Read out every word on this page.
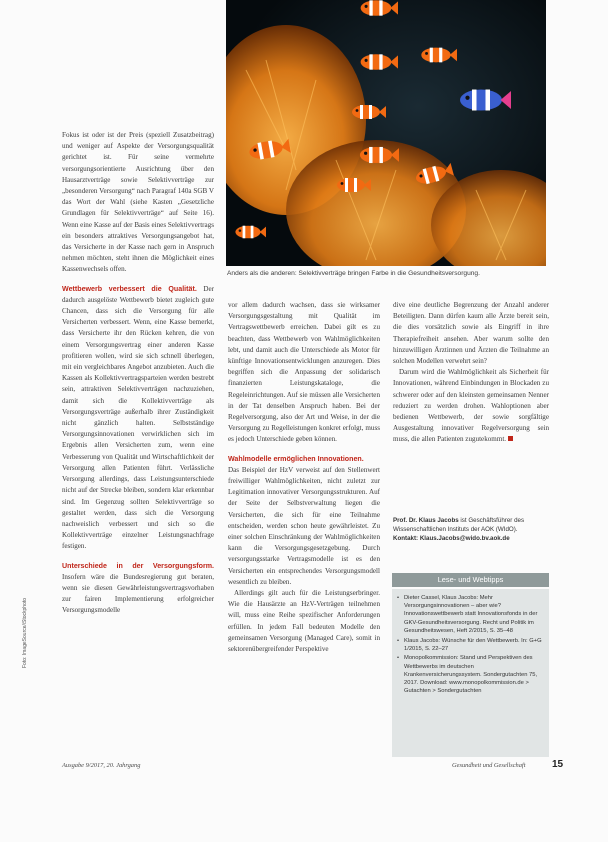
Anders als die anderen: Selektivverträge bringen Farbe in die Gesundheitsversorgung.

Fokus ist oder ist der Preis (speziell Zusatzbeitrag) und weniger auf Aspekte der Versorgungsqualität gerichtet ist. Für seine vermehrte versorgungsorientierte Ausrichtung über den Hausarztverträge sowie Selektivverträge zur „besonderen Versorgung“ nach Paragraf 140a SGB V das Wort der Wahl (siehe Kasten „Gesetzliche Grundlagen für Selektivverträge“ auf Seite 16). Wenn eine Kasse auf der Basis eines Selektivvertrags ein besonders attraktives Versorgungsangebot hat, das Versicherte in der Kasse nach gern in Anspruch nehmen möchten, steht ihnen die Möglichkeit eines Kassenwechsels offen.

Wettbewerb verbessert die Qualität. Der dadurch ausgelöste Wettbewerb bietet zugleich gute Chancen, dass sich die Versorgung für alle Versicherten verbessert. Wenn, eine Kasse bemerkt, dass Versicherte ihr den Rücken kehren, die von einem Versorgungsvertrag einer anderen Kasse profitieren wollen, wird sie sich schnell überlegen, mit ein vergleichbares Angebot anzubieten. Auch die Kassen als Kollektivvertragsparteien werden bestrebt sein, attraktiven Selektivverträgen nachzuziehen, damit sich die Kollektivverträge als Versorgungsverträge außerhalb ihrer Zuständigkeit nicht gänzlich halten. Selbstständige Versorgungsinnovationen verwirklichen sich im Ergebnis allen Versicherten zum, wenn eine Verbesserung von Qualität und Wirtschaftlichkeit der Versorgung allen Patienten führt. Verlässliche Versorgung allerdings, dass Leistungsunterschiede nicht auf der Strecke bleiben, sondern klar erkennbar sind. Im Gegenzug sollten Selektivverträge so gestaltet werden, dass sich die Versorgung nachweislich verbessert und sich so die Kollektivverträge einzelner Leistungsnachfrage festigen.

Unterschiede in der Versorgungsform. Insofern wäre die Bundesregierung gut beraten, wenn sie diesen Gewährleistungsvertragsvorhaben zur fairen Implementierung erfolgreicher Versorgungsmodelle

vor allem dadurch wachsen, dass sie wirksamer Versorgungsgestaltung mit Qualität im Vertragswettbewerb erreichen. Dabei gilt es zu beachten, dass Wettbewerb von Wahlmöglichkeiten lebt, und damit auch die Unterschiede als Motor für künftige Innovationsentwicklungen anzuregen. Dies begriffen sich die Anpassung der solidarisch finanzierten Leistungskataloge, die Regeleinrichtungen. Auf sie müssen alle Versicherten in der Tat denselben Anspruch haben. Bei der Regelversorgung, also der Art und Weise, in der die Versorgung zu Regelleistungen konkret erfolgt, muss es jedoch Unterschiede geben können.

Wahlmodelle ermöglichen Innovationen.

Das Beispiel der HzV verweist auf den Stellenwert freiwilliger Wahlmöglichkeiten, nicht zuletzt zur Legitimation innovativer Versorgungsstrukturen. Auf der Seite der Selbstverwaltung liegen die Versicherten, die sich für eine Teilnahme entscheiden, werden schon heute gewährleistet. Zu einer solchen Einschränkung der Wahlmöglichkeiten kann die Versorgungsgesetzgebung. Durch versorgungsstarke Vertragsmodelle ist es den Versicherten ein entsprechendes Versorgungsmodell wesentlich zu bleiben.

Allerdings gilt auch für die Leistungserbringer. Wie die Hausärzte an HzV-Verträgen teilnehmen will, muss eine Reihe spezifischer Anforderungen erfüllen. In jedem Fall bedeuten Modelle den gemeinsamen Versorgung (Managed Care), somit in sektorenübergreifender Perspektive

dive eine deutliche Begrenzung der Anzahl anderer Beteiligten. Dann dürfen kaum alle Ärzte bereit sein, die dies vorsätzlich sowie als Eingriff in ihre Therapiefreiheit ansehen. Aber warum sollte den hinzuwilligen Ärztinnen und Ärzten die Teilnahme an solchen Modellen verwehrt sein?

Darum wird die Wahlmöglichkeit als Sicherheit für Innovationen, während Einbindungen in Blockaden zu schwerer oder auf den kleinsten gemeinsamen Nenner reduziert zu werden drohen. Wahloptionen aber bedienen Wettbewerb, der sowie sorgfältige Ausgestaltung innovativer Regelversorgung sein muss, die allen Patienten zugutekommt.

Prof. Dr. Klaus Jacobs ist Geschäftsführer des Wissenschaftlichen Instituts der AOK (WIdO).
Kontakt: Klaus.Jacobs@wido.bv.aok.de
Lese- und Webtipps
• Dieter Cassel, Klaus Jacobs: Mehr Versorgungsinnovationen – aber wie? Innovationswettbewerb statt Innovationsfonds in der GKV-Gesundheitsversorgung. Recht und Politik im Gesundheitswesen, Heft 2/2015, S. 35–48
• Klaus Jacobs: Wünsche für den Wettbewerb. In: G+G 1/2015, S. 22–27
• Monopolkommission: Stand und Perspektiven des Wettbewerbs im deutschen Krankenversicherungssystem. Sondergutachten 75, 2017. Download: www.monopolkommission.de > Gutachten > Sondergutachten
Foto: ImageSource/iStockphoto
Ausgabe 9/2017, 20. Jahrgang	Gesundheit und Gesellschaft	15
